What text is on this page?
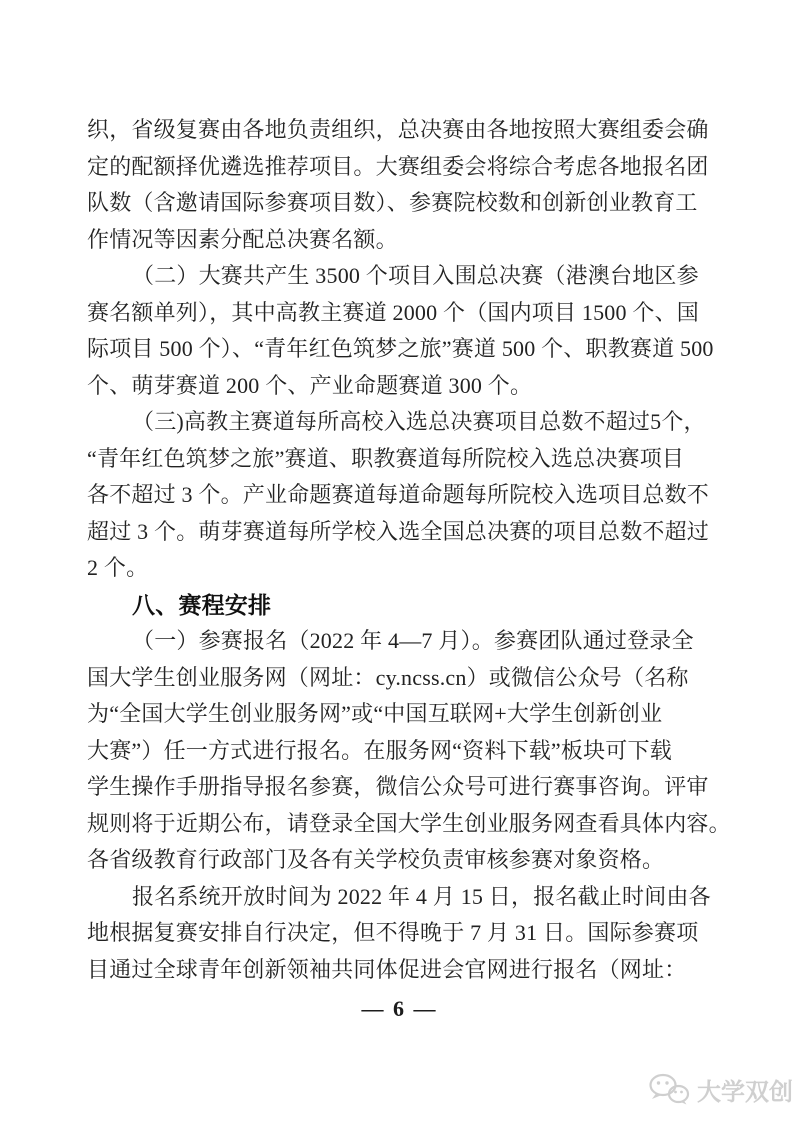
织，省级复赛由各地负责组织，总决赛由各地按照大赛组委会确
定的配额择优遴选推荐项目。大赛组委会将综合考虑各地报名团
队数（含邀请国际参赛项目数）、参赛院校数和创新创业教育工
作情况等因素分配总决赛名额。
（二）大赛共产生 3500 个项目入围总决赛（港澳台地区参
赛名额单列），其中高教主赛道 2000 个（国内项目 1500 个、国
际项目 500 个）、“青年红色筑梦之旅”赛道 500 个、职教赛道 500
个、萌芽赛道 200 个、产业命题赛道 300 个。
（三)高教主赛道每所高校入选总决赛项目总数不超过5个，
“青年红色筑梦之旅”赛道、职教赛道每所院校入选总决赛项目
各不超过 3 个。产业命题赛道每道命题每所院校入选项目总数不
超过 3 个。萌芽赛道每所学校入选全国总决赛的项目总数不超过
2 个。
八、赛程安排
（一）参赛报名（2022 年 4—7 月）。参赛团队通过登录全
国大学生创业服务网（网址：cy.ncss.cn）或微信公众号（名称
为“全国大学生创业服务网”或“中国互联网+大学生创新创业
大赛”）任一方式进行报名。在服务网“资料下载”板块可下载
学生操作手册指导报名参赛，微信公众号可进行赛事咨询。评审
规则将于近期公布，请登录全国大学生创业服务网查看具体内容。
各省级教育行政部门及各有关学校负责审核参赛对象资格。
报名系统开放时间为 2022 年 4 月 15 日，报名截止时间由各
地根据复赛安排自行决定，但不得晚于 7 月 31 日。国际参赛项
目通过全球青年创新领袖共同体促进会官网进行报名（网址：
— 6 —
大学双创
